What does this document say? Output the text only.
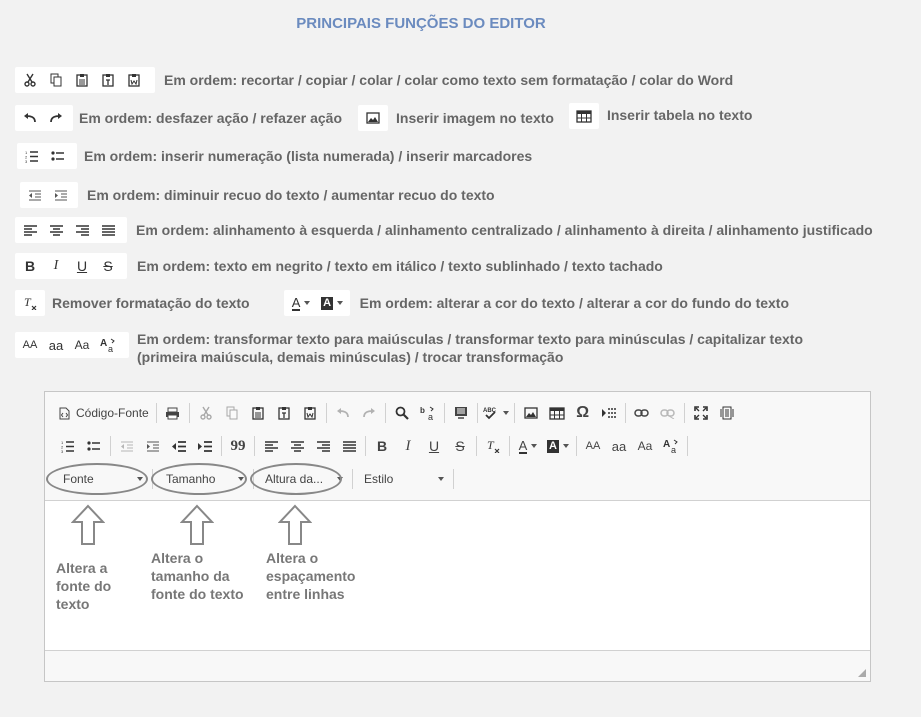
PRINCIPAIS FUNÇÕES DO EDITOR
Em ordem: recortar / copiar / colar / colar como texto sem formatação / colar do Word
Em ordem: desfazer ação / refazer ação	Inserir imagem no texto	Inserir tabela no texto
1
2
3	Em ordem: inserir numeração (lista numerada) / inserir marcadores
Em ordem: diminuir recuo do texto / aumentar recuo do texto
Em ordem: alinhamento à esquerda / alinhamento centralizado / alinhamento à direita / alinhamento justificado
B	I	U	S	Em ordem: texto em negrito / texto em itálico / texto sublinhado / texto tachado
T Remover formatação do texto	A A Em ordem: alterar a cor do texto / alterar a cor do fundo do texto
AA aa Aa	A a
Em ordem: transformar texto para maiúsculas / transformar texto para minúsculas / capitalizar texto
(primeira maiúscula, demais minúsculas) / trocar transformação
Código-Fonte	b
a
ABC	Ω
1
2
3	99	B	I	U	S	T A A	AA aa Aa	A a
Fonte	Tamanho	Altura da...	Estilo
Altera a
fonte do
texto
Altera o
tamanho da
fonte do texto
Altera o
espaçamento
entre linhas
